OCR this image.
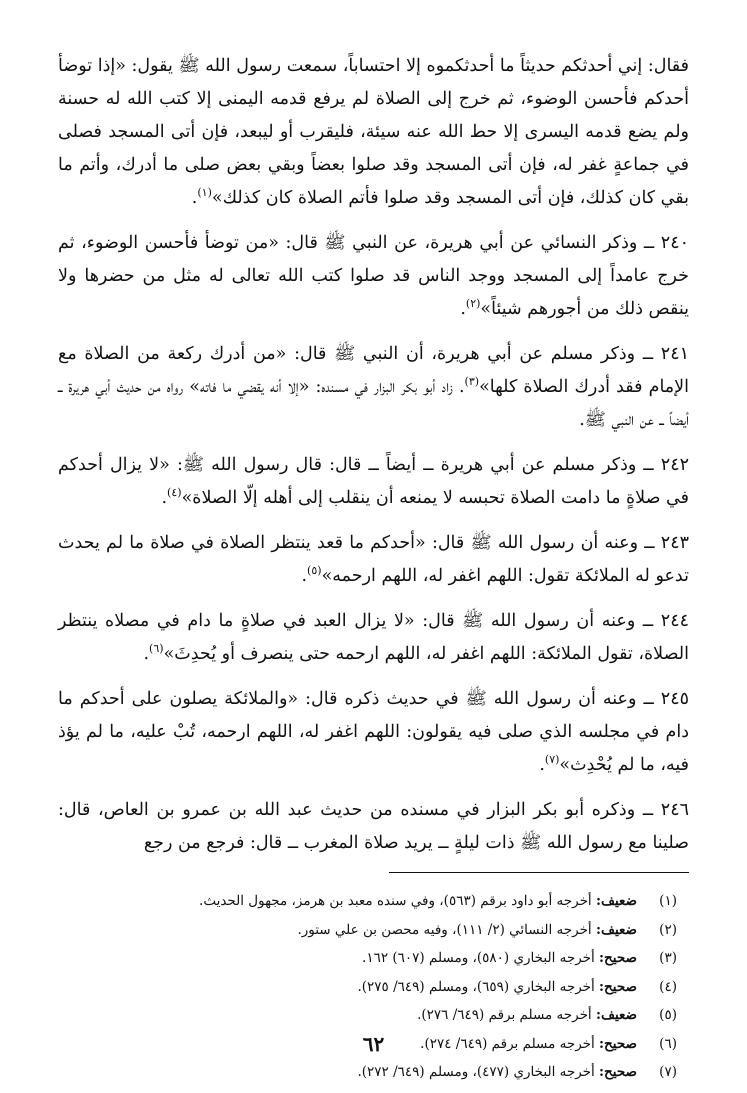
فقال: إني أحدثكم حديثاً ما أحدثكموه إلا احتساباً، سمعت رسول الله ﷺ يقول: «إذا توضأ أحدكم فأحسن الوضوء، ثم خرج إلى الصلاة لم يرفع قدمه اليمنى إلا كتب الله له حسنة ولم يضع قدمه اليسرى إلا حط الله عنه سيئة، فليقرب أو ليبعد، فإن أتى المسجد فصلى في جماعةٍ غفر له، فإن أتى المسجد وقد صلوا بعضاً وبقي بعض صلى ما أدرك، وأتم ما بقي كان كذلك، فإن أتى المسجد وقد صلوا فأتم الصلاة كان كذلك»$^{(١)}$.

٢٤٠ ــ وذكر النسائي عن أبي هريرة، عن النبي ﷺ قال: «من توضأ فأحسن الوضوء، ثم خرج عامداً إلى المسجد ووجد الناس قد صلوا كتب الله تعالى له مثل من حضرها ولا ينقص ذلك من أجورهم شيئاً»$^{(٢)}$.

٢٤١ ــ وذكر مسلم عن أبي هريرة، أن النبي ﷺ قال: «من أدرك ركعة من الصلاة مع الإمام فقد أدرك الصلاة كلها»$^{(٣)}$. زاد أبو بكر البزار في مسنده: «إلا أنه يقضي ما فاته» رواه من حديث أبي هريرة ــ أيضاً ــ عن النبي ﷺ.

٢٤٢ ــ وذكر مسلم عن أبي هريرة ــ أيضاً ــ قال: قال رسول الله ﷺ: «لا يزال أحدكم في صلاةٍ ما دامت الصلاة تحبسه لا يمنعه أن ينقلب إلى أهله إلّا الصلاة»$^{(٤)}$.

٢٤٣ ــ وعنه أن رسول الله ﷺ قال: «أحدكم ما قعد ينتظر الصلاة في صلاة ما لم يحدث تدعو له الملائكة تقول: اللهم اغفر له، اللهم ارحمه»$^{(٥)}$.

٢٤٤ ــ وعنه أن رسول الله ﷺ قال: «لا يزال العبد في صلاةٍ ما دام في مصلاه ينتظر الصلاة، تقول الملائكة: اللهم اغفر له، اللهم ارحمه حتى ينصرف أو يُحدِثَ»$^{(٦)}$.

٢٤٥ ــ وعنه أن رسول الله ﷺ في حديث ذكره قال: «والملائكة يصلون على أحدكم ما دام في مجلسه الذي صلى فيه يقولون: اللهم اغفر له، اللهم ارحمه، تُبْ عليه، ما لم يؤذ فيه، ما لم يُحْدِث»$^{(٧)}$.

٢٤٦ ــ وذكره أبو بكر البزار في مسنده من حديث عبد الله بن عمرو بن العاص، قال: صلينا مع رسول الله ﷺ ذات ليلةٍ ــ يريد صلاة المغرب ــ قال: فرجع من رجع

(١)
ضعيف: أخرجه أبو داود برقم (٥٦٣)، وفي سنده معبد بن هرمز، مجهول الحديث.
(٢)
ضعيف: أخرجه النسائي (٢/ ١١١)، وفيه محصن بن علي ستور.
(٣)
صحيح: أخرجه البخاري (٥٨٠)، ومسلم (٦٠٧) ١٦٢.
(٤)
صحيح: أخرجه البخاري (٦٥٩)، ومسلم (٦٤٩/ ٢٧٥).
(٥)
ضعيف: أخرجه مسلم برقم (٦٤٩/ ٢٧٦).
(٦)
صحيح: أخرجه مسلم برقم (٦٤٩/ ٢٧٤).
(٧)
صحيح: أخرجه البخاري (٤٧٧)، ومسلم (٦٤٩/ ٢٧٢).
٦٢
